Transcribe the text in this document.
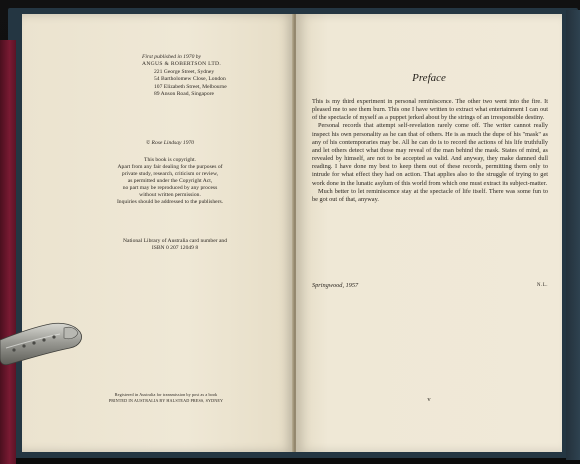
First published in 1970 by
ANGUS & ROBERTSON LTD.
221 George Street, Sydney
54 Bartholomew Close, London
107 Elizabeth Street, Melbourne
89 Anson Road, Singapore
© Rose Lindsay 1970
This book is copyright.
Apart from any fair dealing for the purposes of
private study, research, criticism or review,
as permitted under the Copyright Act,
no part may be reproduced by any process
without written permission.
Inquiries should be addressed to the publishers.
National Library of Australia card number and
ISBN 0 207 12049 8
Registered in Australia for transmission by post as a book
PRINTED IN AUSTRALIA BY HALSTEAD PRESS, SYDNEY
Preface

This is my third experiment in personal reminiscence. The other two went into the fire. It pleased me to see them burn. This one I have written to extract what entertainment I can out of the spectacle of myself as a puppet jerked about by the strings of an irresponsible destiny.

Personal records that attempt self-revelation rarely come off. The writer cannot really inspect his own personality as he can that of others. He is as much the dupe of his "mask" as any of his contemporaries may be. All he can do is to record the actions of his life truthfully and let others detect what those may reveal of the man behind the mask. States of mind, as revealed by himself, are not to be accepted as valid. And anyway, they make damned dull reading. I have done my best to keep them out of these records, permitting them only to intrude for what effect they had on action. That applies also to the struggle of trying to get work done in the lunatic asylum of this world from which one must extract its subject-matter.

Much better to let reminiscence stay at the spectacle of life itself. There was some fun to be got out of that, anyway.

Springwood, 1957	N.L.
v
